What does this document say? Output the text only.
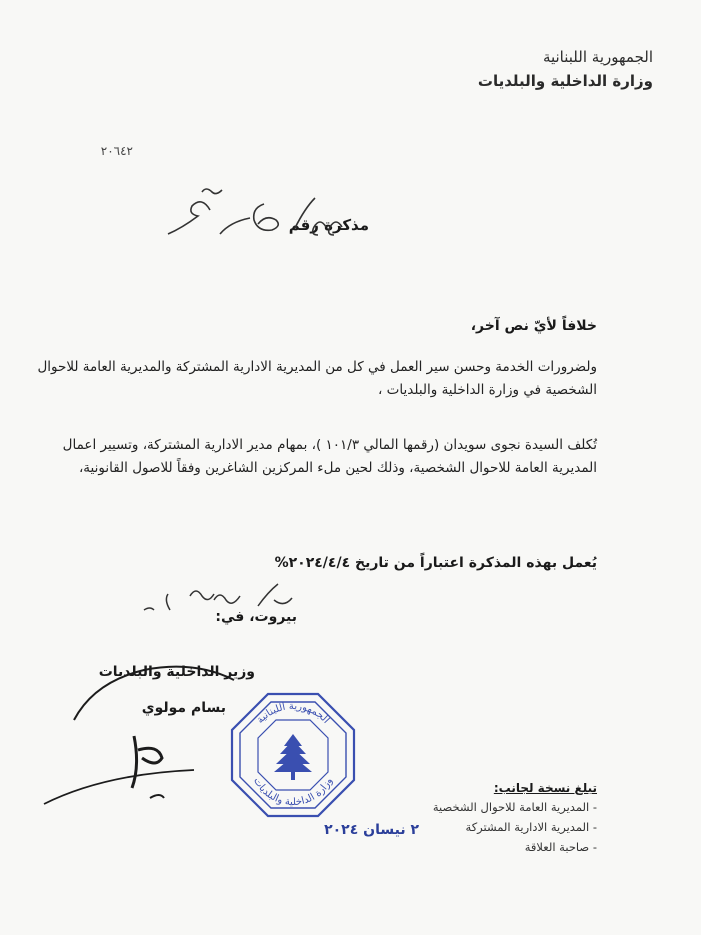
الجمهورية اللبنانية
وزارة الداخلية والبلديات
٢٠٦٤٢
مذكرة رقم
خلافاً لأيّ نص آخر،
ولضرورات الخدمة وحسن سير العمل في كل من المديرية الادارية المشتركة والمديرية العامة للاحوال الشخصية في وزارة الداخلية والبلديات ،
تُكلف السيدة نجوى سويدان (رقمها المالي ١٠١/٣ )، بمهام مدير الادارية المشتركة، وتسيير اعمال المديرية العامة للاحوال الشخصية، وذلك لحين ملء المركزين الشاغرين وفقاً للاصول القانونية،
يُعمل بهذه المذكرة اعتباراً من تاريخ ٢٠٢٤/٤/٤%
بيروت، في:
وزير الداخلية والبلديات
بسام مولوي
الجمهورية اللبنانية
وزارة الداخلية والبلديات
٢ نيسان ٢٠٢٤
تبلغ نسخة لجانب:
- المديرية العامة للاحوال الشخصية
- المديرية الادارية المشتركة
- صاحبة العلاقة
